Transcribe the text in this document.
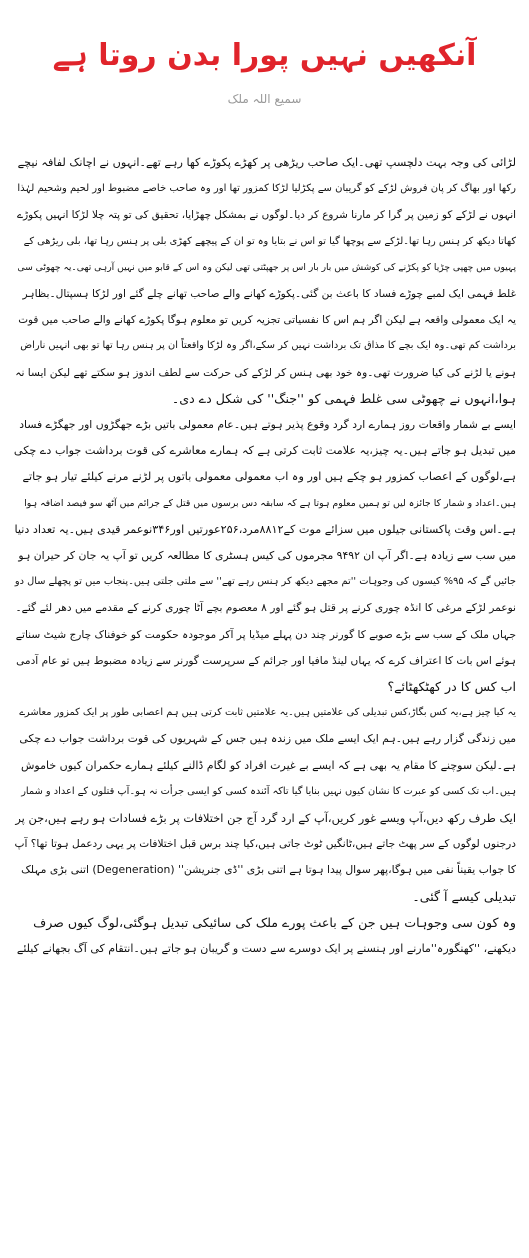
آنکھیں نہیں پورا بدن روتا ہے
سمیع اللہ ملک
لڑائی کی وجہ بہت دلچسپ تھی۔ایک صاحب ریڑھی پر کھڑے پکوڑے کھا رہے تھے۔انہوں نے اچانک لفافہ نیچے
رکھا اور بھاگ کر پان فروش لڑکے کو گریبان سے پکڑلیا لڑکا کمزور تھا اور وہ صاحب خاصے مضبوط اور لحیم وشحیم لہٰذا
انہوں نے لڑکے کو زمین پر گرا کر مارنا شروع کر دیا۔لوگوں نے بمشکل چھڑایا، تحقیق کی تو پتہ چلا لڑکا انہیں پکوڑے
کھاتا دیکھ کر ہنس رہا تھا۔لڑکے سے پوچھا گیا تو اس نے بتایا وہ تو ان کے پیچھے کھڑی بلی پر ہنس رہا تھا، بلی ریڑھی کے
پہیوں میں چھپی چڑیا کو پکڑنے کی کوشش میں بار بار اس پر جھپٹتی تھی لیکن وہ اس کے قابو میں نہیں آرہی تھی۔یہ چھوٹی سی
غلط فہمی ایک لمبے چوڑے فساد کا باعث بن گئی۔پکوڑے کھانے والے صاحب تھانے چلے گئے اور لڑکا ہسپتال۔بظاہر
یہ ایک معمولی واقعہ ہے لیکن اگر ہم اس کا نفسیاتی تجزیہ کریں تو معلوم ہوگا پکوڑے کھانے والے صاحب میں قوت
برداشت کم تھی۔وہ ایک بچے کا مذاق تک برداشت نہیں کر سکے،اگر وہ لڑکا واقعتاً ان پر ہنس رہا تھا تو بھی انہیں ناراض
ہونے یا لڑنے کی کیا ضرورت تھی۔وہ خود بھی ہنس کر لڑکے کی حرکت سے لطف اندوز ہو سکتے تھے لیکن ایسا نہ
ہوا،انہوں نے چھوٹی سی غلط فہمی کو ''جنگ'' کی شکل دے دی۔
ایسے بے شمار واقعات روز ہمارے ارد گرد وقوع پذیر ہوتے ہیں۔عام معمولی باتیں بڑے جھگڑوں اور جھگڑے فساد
میں تبدیل ہو جاتے ہیں۔یہ چیز،یہ علامت ثابت کرتی ہے کہ ہمارے معاشرے کی قوت برداشت جواب دے چکی
ہے،لوگوں کے اعصاب کمزور ہو چکے ہیں اور وہ اب معمولی معمولی باتوں پر لڑنے مرنے کیلئے تیار ہو جاتے
ہیں۔اعداد و شمار کا جائزہ لیں تو ہمیں معلوم ہوتا ہے کہ سابقہ دس برسوں میں قتل کے جرائم میں آٹھ سو فیصد اضافہ ہوا
ہے۔اس وقت پاکستانی جیلوں میں سزائے موت کے۸۸۱۲مرد،۲۵۶عورتیں اور۳۴۶نوعمر قیدی ہیں۔یہ تعداد دنیا
میں سب سے زیادہ ہے۔اگر آپ ان ۹۴۹۲ مجرموں کی کیس ہسٹری کا مطالعہ کریں تو آپ یہ جان کر حیران ہو
جائیں گے کہ ۹۵% کیسوں کی وجوہات ''تم مجھے دیکھ کر ہنس رہے تھے'' سے ملتی جلتی ہیں۔پنجاب میں تو پچھلے سال دو
نوعمر لڑکے مرغی کا انڈہ چوری کرنے پر قتل ہو گئے اور ۸ معصوم بچے آٹا چوری کرنے کے مقدمے میں دھر لئے گئے۔
جہاں ملک کے سب سے بڑے صوبے کا گورنر چند دن پہلے میڈیا پر آکر موجودہ حکومت کو خوفناک چارج شیٹ سناتے
ہوئے اس بات کا اعتراف کرے کہ یہاں لینڈ مافیا اور جرائم کے سرپرست گورنر سے زیادہ مضبوط ہیں تو عام آدمی
اب کس کا در کھٹکھٹائے؟
یہ کیا چیز ہے،یہ کس بگاڑ،کس تبدیلی کی علامتیں ہیں۔یہ علامتیں ثابت کرتی ہیں ہم اعصابی طور پر ایک کمزور معاشرے
میں زندگی گزار رہے ہیں۔ہم ایک ایسے ملک میں زندہ ہیں جس کے شہریوں کی قوت برداشت جواب دے چکی
ہے۔لیکن سوچنے کا مقام یہ بھی ہے کہ ایسے بے غیرت افراد کو لگام ڈالنے کیلئے ہمارے حکمران کیوں خاموش
ہیں۔اب تک کسی کو عبرت کا نشان کیوں نہیں بنایا گیا تاکہ آئندہ کسی کو ایسی جرأت نہ ہو۔آپ قتلوں کے اعداد و شمار
ایک طرف رکھ دیں،آپ ویسے غور کریں،آپ کے ارد گرد آج جن اختلافات پر بڑے فسادات ہو رہے ہیں،جن پر
درجنوں لوگوں کے سر پھٹ جاتے ہیں،ٹانگیں ٹوٹ جاتی ہیں،کیا چند برس قبل اختلافات پر یہی ردعمل ہوتا تھا؟ آپ
کا جواب یقیناً نفی میں ہوگا،پھر سوال پیدا ہوتا ہے اتنی بڑی ''ڈی جنریشن'' (Degeneration) اتنی بڑی مہلک
تبدیلی کیسے آ گئی۔
وہ کون سی وجوہات ہیں جن کے باعث پورے ملک کی سائیکی تبدیل ہوگئی،لوگ کیوں صرف
دیکھنے، ''کھنگورہ''مارنے اور ہنسنے پر ایک دوسرے سے دست و گریبان ہو جاتے ہیں۔انتقام کی آگ بجھانے کیلئے
